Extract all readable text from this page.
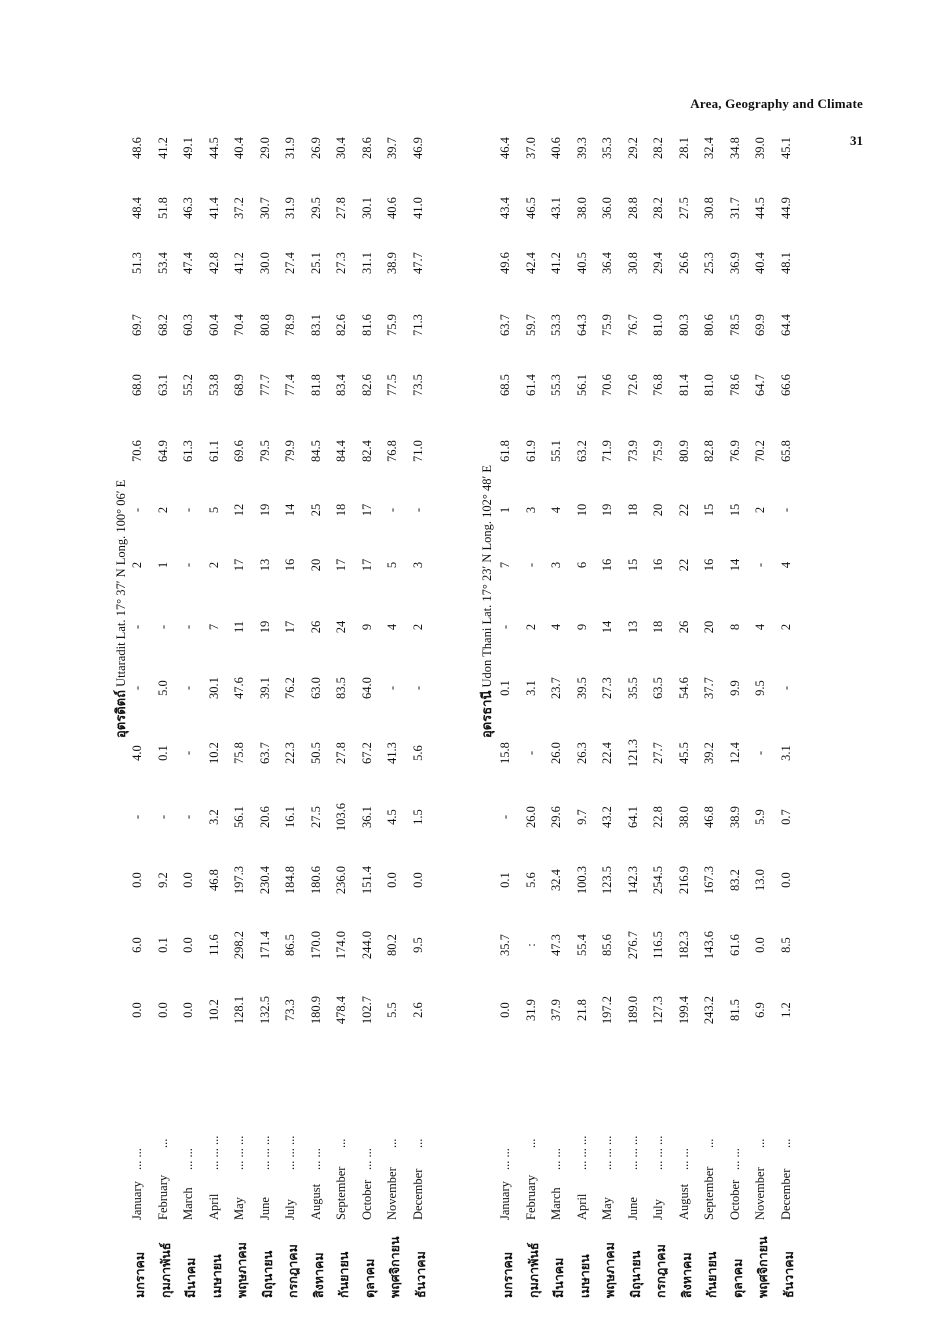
Area, Geography and Climate
31
อุตรดิตถ์ Uttaradit Lat. 17° 37′ N Long. 100° 06′ E
มกราคม
January
... ...
0.0
6.0
0.0
-
4.0
-
-
2
-
70.6
68.0
69.7
51.3
48.4
48.6
กุมภาพันธ์
February
...
0.0
0.1
9.2
-
0.1
5.0
-
1
2
64.9
63.1
68.2
53.4
51.8
41.2
มีนาคม
March
... ...
0.0
0.0
0.0
-
-
-
-
-
-
61.3
55.2
60.3
47.4
46.3
49.1
เมษายน
April
... ... ...
10.2
11.6
46.8
3.2
10.2
30.1
7
2
5
61.1
53.8
60.4
42.8
41.4
44.5
พฤษภาคม
May
... ... ...
128.1
298.2
197.3
56.1
75.8
47.6
11
17
12
69.6
68.9
70.4
41.2
37.2
40.4
มิถุนายน
June
... ... ...
132.5
171.4
230.4
20.6
63.7
39.1
19
13
19
79.5
77.7
80.8
30.0
30.7
29.0
กรกฎาคม
July
... ... ...
73.3
86.5
184.8
16.1
22.3
76.2
17
16
14
79.9
77.4
78.9
27.4
31.9
31.9
สิงหาคม
August
... ...
180.9
170.0
180.6
27.5
50.5
63.0
26
20
25
84.5
81.8
83.1
25.1
29.5
26.9
กันยายน
September
...
478.4
174.0
236.0
103.6
27.8
83.5
24
17
18
84.4
83.4
82.6
27.3
27.8
30.4
ตุลาคม
October
... ...
102.7
244.0
151.4
36.1
67.2
64.0
9
17
17
82.4
82.6
81.6
31.1
30.1
28.6
พฤศจิกายน
November
...
5.5
80.2
0.0
4.5
41.3
-
4
5
-
76.8
77.5
75.9
38.9
40.6
39.7
ธันวาคม
December
...
2.6
9.5
0.0
1.5
5.6
-
2
3
-
71.0
73.5
71.3
47.7
41.0
46.9
อุดรธานี Udon Thani Lat. 17° 23′ N Long. 102° 48′ E
มกราคม
January
... ...
0.0
35.7
0.1
-
15.8
0.1
-
7
1
61.8
68.5
63.7
49.6
43.4
46.4
กุมภาพันธ์
February
...
31.9
:
5.6
26.0
-
3.1
2
-
3
61.9
61.4
59.7
42.4
46.5
37.0
มีนาคม
March
... ...
37.9
47.3
32.4
29.6
26.0
23.7
4
3
4
55.1
55.3
53.3
41.2
43.1
40.6
เมษายน
April
... ... ...
21.8
55.4
100.3
9.7
26.3
39.5
9
6
10
63.2
56.1
64.3
40.5
38.0
39.3
พฤษภาคม
May
... ... ...
197.2
85.6
123.5
43.2
22.4
27.3
14
16
19
71.9
70.6
75.9
36.4
36.0
35.3
มิถุนายน
June
... ... ...
189.0
276.7
142.3
64.1
121.3
35.5
13
15
18
73.9
72.6
76.7
30.8
28.8
29.2
กรกฎาคม
July
... ... ...
127.3
116.5
254.5
22.8
27.7
63.5
18
16
20
75.9
76.8
81.0
29.4
28.2
28.2
สิงหาคม
August
... ...
199.4
182.3
216.9
38.0
45.5
54.6
26
22
22
80.9
81.4
80.3
26.6
27.5
28.1
กันยายน
September
...
243.2
143.6
167.3
46.8
39.2
37.7
20
16
15
82.8
81.0
80.6
25.3
30.8
32.4
ตุลาคม
October
... ...
81.5
61.6
83.2
38.9
12.4
9.9
8
14
15
76.9
78.6
78.5
36.9
31.7
34.8
พฤศจิกายน
November
...
6.9
0.0
13.0
5.9
-
9.5
4
-
2
70.2
64.7
69.9
40.4
44.5
39.0
ธันวาคม
December
...
1.2
8.5
0.0
0.7
3.1
-
2
4
-
65.8
66.6
64.4
48.1
44.9
45.1
